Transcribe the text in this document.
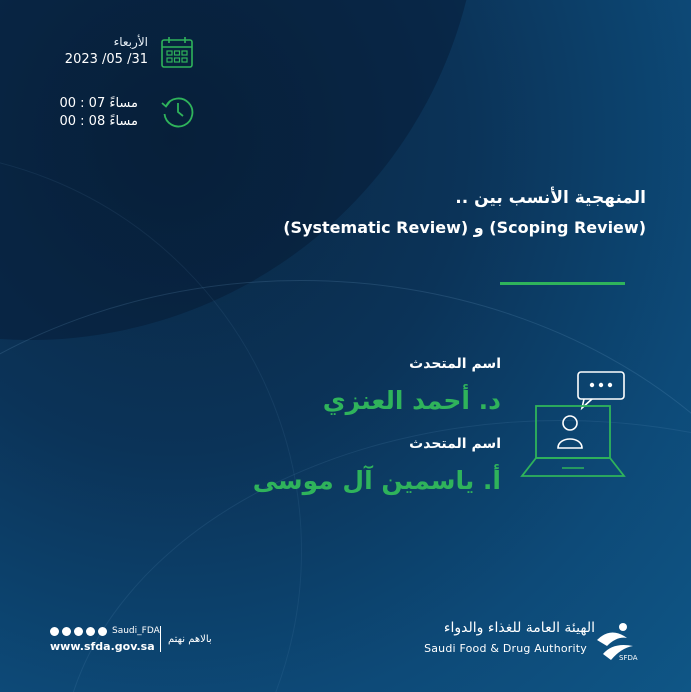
الأربعاء
2023 /05 /31
00 : 07 مساءً
00 : 08 مساءً
المنهجية الأنسب بين ..
(Systematic Review) و (Scoping Review)
اسم المتحدث
د. أحمد العنزي
اسم المتحدث
أ. ياسمين آل موسى
Saudi_FDA
www.sfda.gov.sa
بالاهم نهتم
الهيئة العامة للغذاء والدواء
Saudi Food & Drug Authority
SFDA
